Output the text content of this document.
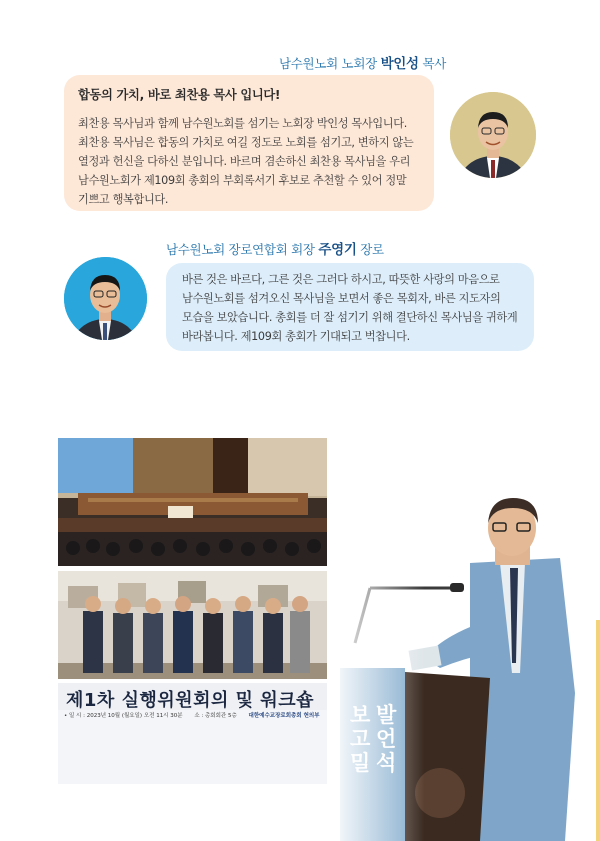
남수원노회 노회장 박인성 목사
합동의 가치, 바로 최찬용 목사 입니다!
최찬용 목사님과 함께 남수원노회를 섬기는 노회장 박인성 목사입니다.
최찬용 목사님은 합동의 가치로 여길 정도로 노회를 섬기고, 변하지 않는
열정과 헌신을 다하신 분입니다. 바르며 겸손하신 최찬용 목사님을 우리
남수원노회가 제109회 총회의 부회록서기 후보로 추천할 수 있어 정말
기쁘고 행복합니다.
남수원노회 장로연합회 회장 주영기 장로
바른 것은 바르다, 그른 것은 그러다 하시고, 따뜻한 사랑의 마음으로
남수원노회를 섬겨오신 목사님을 보면서 좋은 목회자, 바른 지도자의
모습을 보았습니다. 총회를 더 잘 섬기기 위해 결단하신 목사님을 귀하게
바라봅니다. 제109회 총회가 기대되고 벅찹니다.
제1차 실행위원회의 및 워크숍
• 일 시 : 2023년 10월 (월요일) 오전 11시 30분 소 : 총회회관 5층 대한예수교장로회총회 헌의부	보
고
밀
발
언
석
